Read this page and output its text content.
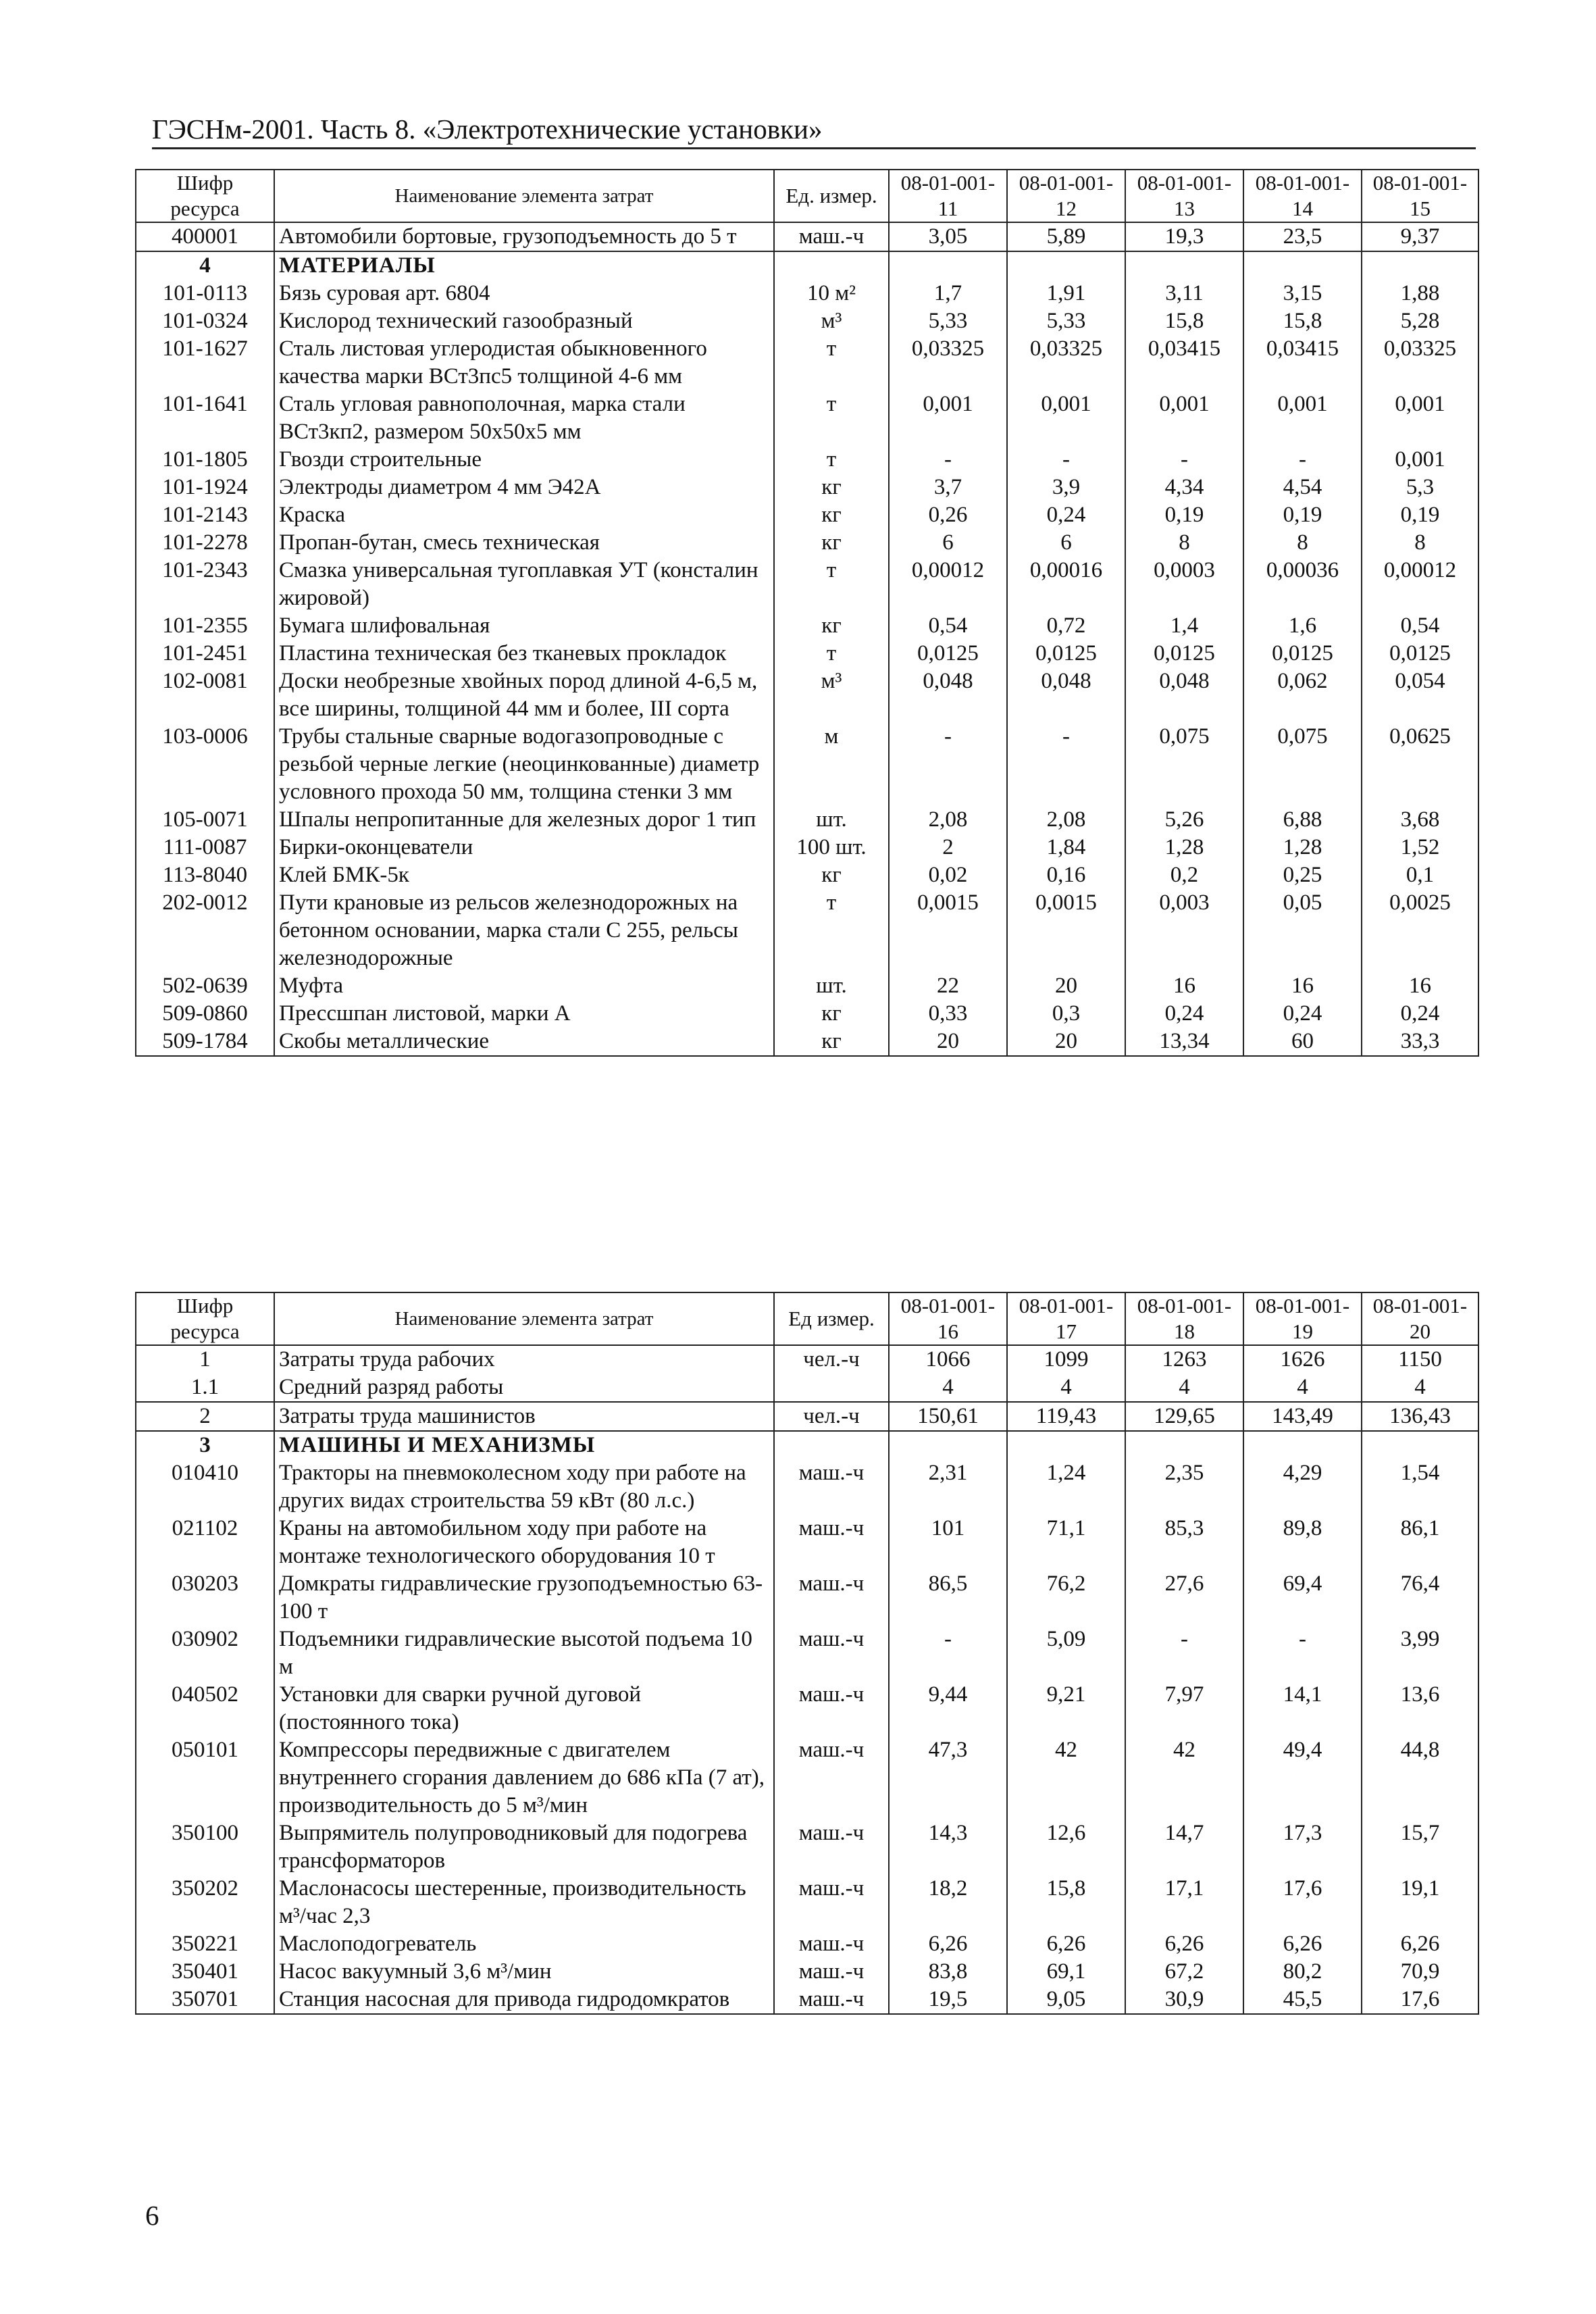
ГЭСНм-2001. Часть 8. «Электротехнические установки»
Шифр ресурса	Наименование элемента затрат	Ед. измер.	08-01-001-11	08-01-001-12	08-01-001-13	08-01-001-14	08-01-001-15
400001	Автомобили бортовые, грузоподъемность до 5 т	маш.-ч	3,05	5,89	19,3	23,5	9,37
4	МАТЕРИАЛЫ						
101-0113	Бязь суровая арт. 6804	10 м²	1,7	1,91	3,11	3,15	1,88
101-0324	Кислород технический газообразный	м³	5,33	5,33	15,8	15,8	5,28
101-1627	Сталь листовая углеродистая обыкновенного качества марки ВСт3пс5 толщиной 4-6 мм	т	0,03325	0,03325	0,03415	0,03415	0,03325
101-1641	Сталь угловая равнополочная, марка стали ВСт3кп2, размером 50х50х5 мм	т	0,001	0,001	0,001	0,001	0,001
101-1805	Гвозди строительные	т	-	-	-	-	0,001
101-1924	Электроды диаметром 4 мм Э42А	кг	3,7	3,9	4,34	4,54	5,3
101-2143	Краска	кг	0,26	0,24	0,19	0,19	0,19
101-2278	Пропан-бутан, смесь техническая	кг	6	6	8	8	8
101-2343	Смазка универсальная тугоплавкая УТ (консталин жировой)	т	0,00012	0,00016	0,0003	0,00036	0,00012
101-2355	Бумага шлифовальная	кг	0,54	0,72	1,4	1,6	0,54
101-2451	Пластина техническая без тканевых прокладок	т	0,0125	0,0125	0,0125	0,0125	0,0125
102-0081	Доски необрезные хвойных пород длиной 4-6,5 м, все ширины, толщиной 44 мм и более, III сорта	м³	0,048	0,048	0,048	0,062	0,054
103-0006	Трубы стальные сварные водогазопроводные с резьбой черные легкие (неоцинкованные) диаметр условного прохода 50 мм, толщина стенки 3 мм	м	-	-	0,075	0,075	0,0625
105-0071	Шпалы непропитанные для железных дорог 1 тип	шт.	2,08	2,08	5,26	6,88	3,68
111-0087	Бирки-оконцеватели	100 шт.	2	1,84	1,28	1,28	1,52
113-8040	Клей БМК-5к	кг	0,02	0,16	0,2	0,25	0,1
202-0012	Пути крановые из рельсов железнодорожных на бетонном основании, марка стали С 255, рельсы железнодорожные	т	0,0015	0,0015	0,003	0,05	0,0025
502-0639	Муфта	шт.	22	20	16	16	16
509-0860	Прессшпан листовой, марки А	кг	0,33	0,3	0,24	0,24	0,24
509-1784	Скобы металлические	кг	20	20	13,34	60	33,3
Шифр ресурса	Наименование элемента затрат	Ед измер.	08-01-001-16	08-01-001-17	08-01-001-18	08-01-001-19	08-01-001-20
1	Затраты труда рабочих	чел.-ч	1066	1099	1263	1626	1150
1.1	Средний разряд работы		4	4	4	4	4
2	Затраты труда машинистов	чел.-ч	150,61	119,43	129,65	143,49	136,43
3	МАШИНЫ И МЕХАНИЗМЫ						
010410	Тракторы на пневмоколесном ходу при работе на других видах строительства 59 кВт (80 л.с.)	маш.-ч	2,31	1,24	2,35	4,29	1,54
021102	Краны на автомобильном ходу при работе на монтаже технологического оборудования 10 т	маш.-ч	101	71,1	85,3	89,8	86,1
030203	Домкраты гидравлические грузоподъемностью 63-100 т	маш.-ч	86,5	76,2	27,6	69,4	76,4
030902	Подъемники гидравлические высотой подъема 10 м	маш.-ч	-	5,09	-	-	3,99
040502	Установки для сварки ручной дуговой (постоянного тока)	маш.-ч	9,44	9,21	7,97	14,1	13,6
050101	Компрессоры передвижные с двигателем внутреннего сгорания давлением до 686 кПа (7 ат), производительность до 5 м³/мин	маш.-ч	47,3	42	42	49,4	44,8
350100	Выпрямитель полупроводниковый для подогрева трансформаторов	маш.-ч	14,3	12,6	14,7	17,3	15,7
350202	Маслонасосы шестеренные, производительность м³/час 2,3	маш.-ч	18,2	15,8	17,1	17,6	19,1
350221	Маслоподогреватель	маш.-ч	6,26	6,26	6,26	6,26	6,26
350401	Насос вакуумный 3,6 м³/мин	маш.-ч	83,8	69,1	67,2	80,2	70,9
350701	Станция насосная для привода гидродомкратов	маш.-ч	19,5	9,05	30,9	45,5	17,6
6
